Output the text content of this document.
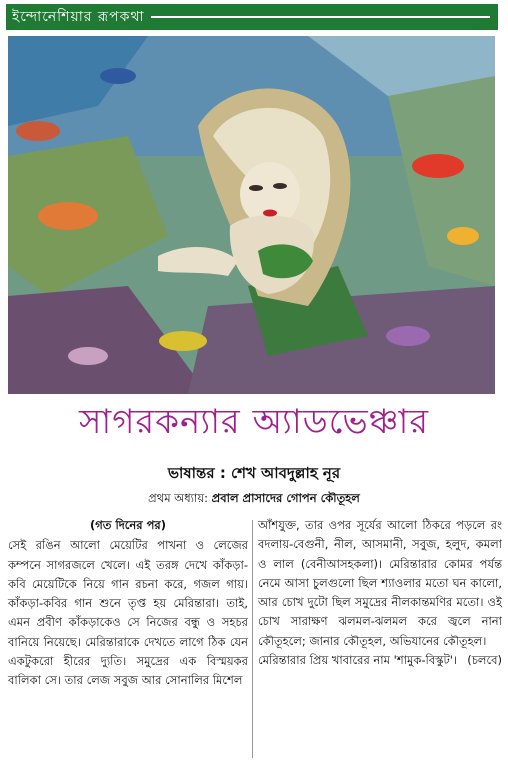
ইন্দোনেশিয়ার রূপকথা
সাগরকন্যার অ্যাডভেঞ্চার
ভাষান্তর : শেখ আবদুল্লাহ নূর
প্রথম অধ্যায়: প্রবাল প্রাসাদের গোপন কৌতূহল

(গত দিনের পর)

সেই রঙিন আলো মেয়েটির পাখনা ও লেজের কম্পনে সাগরজলে খেলে। এই তরঙ্গ দেখে কাঁকড়া-কবি মেয়েটিকে নিয়ে গান রচনা করে, গজল গায়। কাঁকড়া-কবির গান শুনে তৃপ্ত হয় মেরিন্তারা। তাই, এমন প্রবীণ কাঁকড়াকেও সে নিজের বন্ধু ও সহচর বানিয়ে নিয়েছে। মেরিন্তারাকে দেখতে লাগে ঠিক যেন একটুকরো হীরের দ্যুতি। সমুদ্রের এক বিস্ময়কর বালিকা সে। তার লেজ সবুজ আর সোনালির মিশেল

আঁশযুক্ত, তার ওপর সূর্যের আলো ঠিকরে পড়লে রং বদলায়-বেগুনী, নীল, আসমানী, সবুজ, হলুদ, কমলা ও লাল (বেনীআসহকলা)। মেরিন্তারার কোমর পর্যন্ত নেমে আসা চুলগুলো ছিল শ্যাওলার মতো ঘন কালো, আর চোখ দুটো ছিল সমুদ্রের নীলকান্তমণির মতো। ওই চোখ সারাক্ষণ ঝলমল-ঝলমল করে জ্বলে নানা কৌতূহলে; জানার কৌতূহল, অভিযানের কৌতূহল।

মেরিন্তারার প্রিয় খাবারের নাম 'শামুক-বিস্কুট'। (চলবে)
